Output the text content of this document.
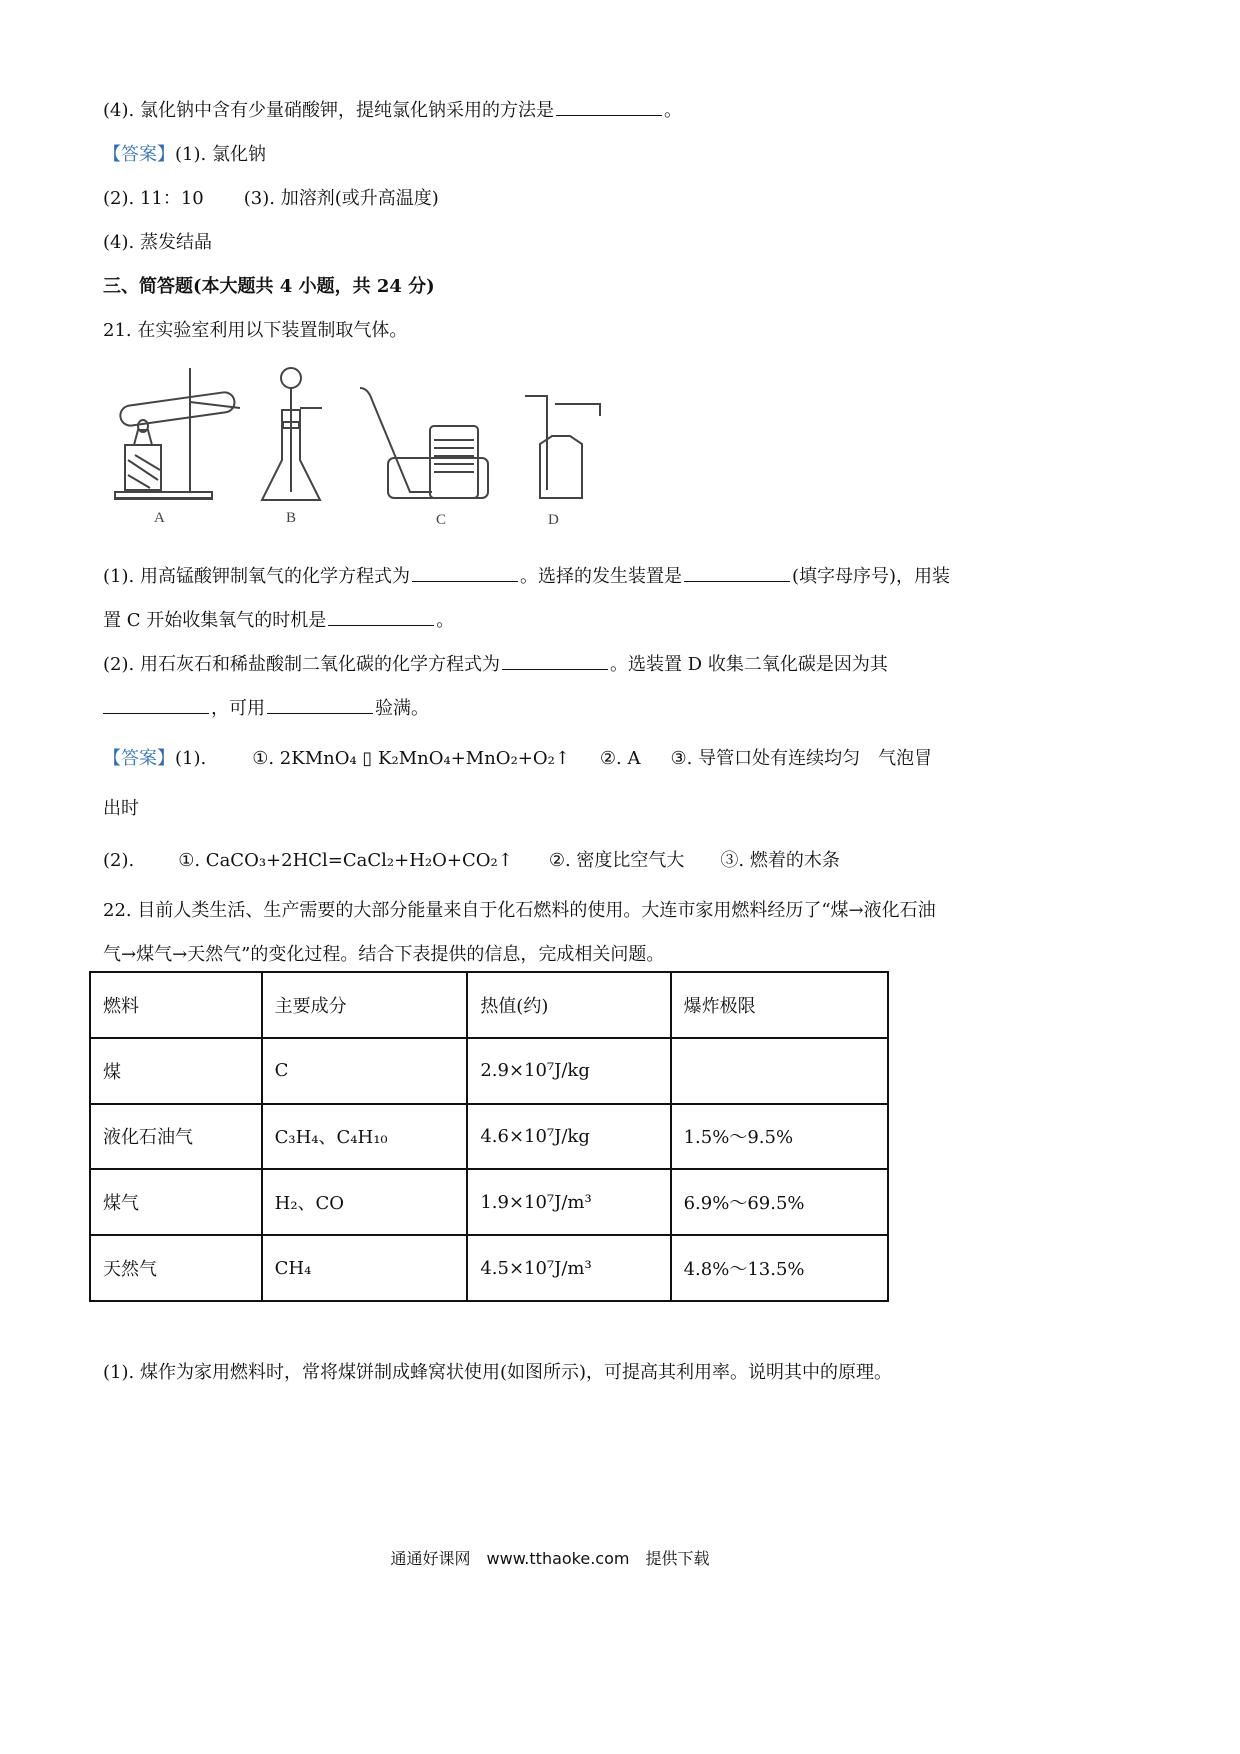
(4). 氯化钠中含有少量硝酸钾，提纯氯化钠采用的方法是	。
【答案】(1). 氯化钠
(2). 11：10 (3). 加溶剂(或升高温度)
(4). 蒸发结晶
三、简答题(本大题共 4 小题，共 24 分)
21. 在实验室利用以下装置制取气体。
A	B	C	D
(1). 用高锰酸钾制氧气的化学方程式为	。选择的发生装置是	(填字母序号)，用装
置 C 开始收集氧气的时机是	。
(2). 用石灰石和稀盐酸制二氧化碳的化学方程式为	。选装置 D 收集二氧化碳是因为其
，可用	验满。
【答案】(1).	①. 2KMnO₄ ▯ K₂MnO₄+MnO₂+O₂↑ ②. A ③. 导管口处有连续均匀　气泡冒
出时
(2). ①. CaCO₃+2HCl=CaCl₂+H₂O+CO₂↑ ②. 密度比空气大 ③. 燃着的木条
22. 目前人类生活、生产需要的大部分能量来自于化石燃料的使用。大连市家用燃料经历了“煤→液化石油
气→煤气→天然气”的变化过程。结合下表提供的信息，完成相关问题。
燃料	主要成分	热值(约)	爆炸极限
煤	C	2.9×10⁷J/kg	
液化石油气	C₃H₄、C₄H₁₀	4.6×10⁷J/kg	1.5%～9.5%
煤气	H₂、CO	1.9×10⁷J/m³	6.9%～69.5%
天然气	CH₄	4.5×10⁷J/m³	4.8%～13.5%
(1). 煤作为家用燃料时，常将煤饼制成蜂窝状使用(如图所示)，可提高其利用率。说明其中的原理。
通通好课网　www.tthaoke.com　提供下载
